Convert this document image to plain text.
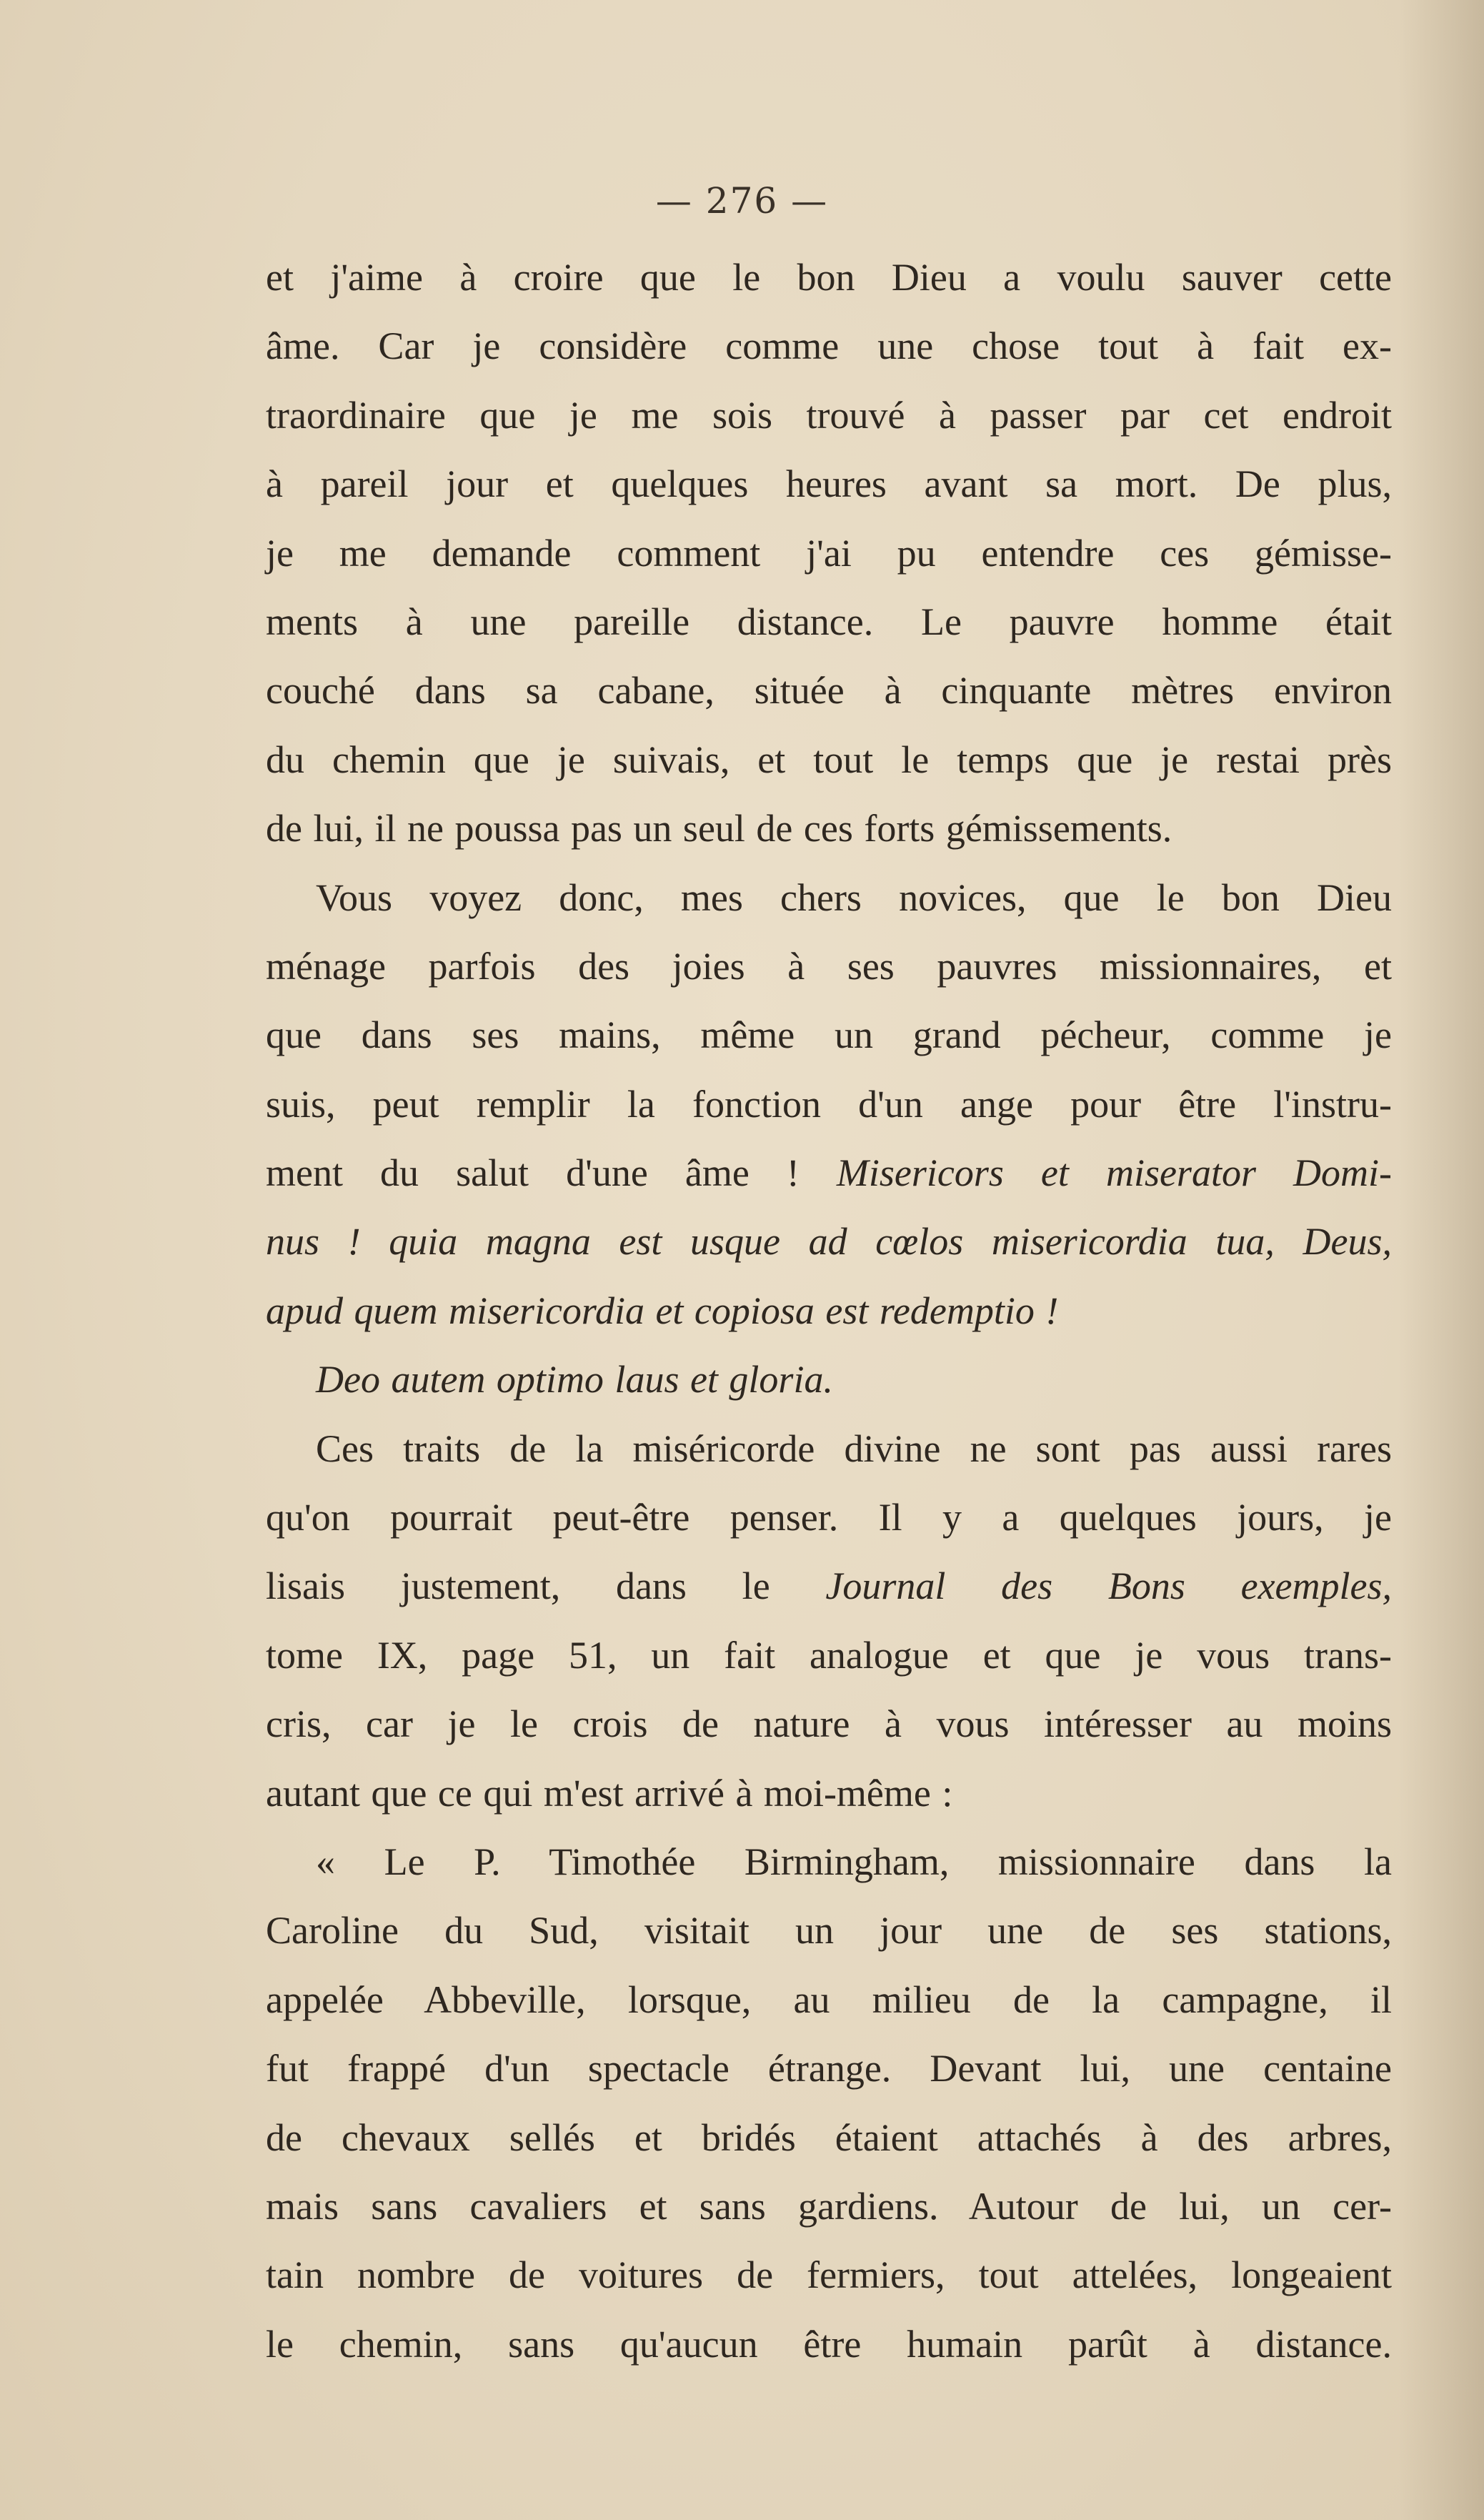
— 276 —
et j'aime à croire que le bon Dieu a voulu sauver cette
âme. Car je considère comme une chose tout à fait ex-
traordinaire que je me sois trouvé à passer par cet endroit
à pareil jour et quelques heures avant sa mort. De plus,
je me demande comment j'ai pu entendre ces gémisse-
ments à une pareille distance. Le pauvre homme était
couché dans sa cabane, située à cinquante mètres environ
du chemin que je suivais, et tout le temps que je restai près
de lui, il ne poussa pas un seul de ces forts gémissements.
Vous voyez donc, mes chers novices, que le bon Dieu
ménage parfois des joies à ses pauvres missionnaires, et
que dans ses mains, même un grand pécheur, comme je
suis, peut remplir la fonction d'un ange pour être l'instru-
ment du salut d'une âme ! Misericors et miserator Domi-
nus ! quia magna est usque ad cœlos misericordia tua, Deus,
apud quem misericordia et copiosa est redemptio !
Deo autem optimo laus et gloria.
Ces traits de la miséricorde divine ne sont pas aussi rares
qu'on pourrait peut-être penser. Il y a quelques jours, je
lisais justement, dans le Journal des Bons exemples,
tome IX, page 51, un fait analogue et que je vous trans-
cris, car je le crois de nature à vous intéresser au moins
autant que ce qui m'est arrivé à moi-même :
« Le P. Timothée Birmingham, missionnaire dans la
Caroline du Sud, visitait un jour une de ses stations,
appelée Abbeville, lorsque, au milieu de la campagne, il
fut frappé d'un spectacle étrange. Devant lui, une centaine
de chevaux sellés et bridés étaient attachés à des arbres,
mais sans cavaliers et sans gardiens. Autour de lui, un cer-
tain nombre de voitures de fermiers, tout attelées, longeaient
le chemin, sans qu'aucun être humain parût à distance.
